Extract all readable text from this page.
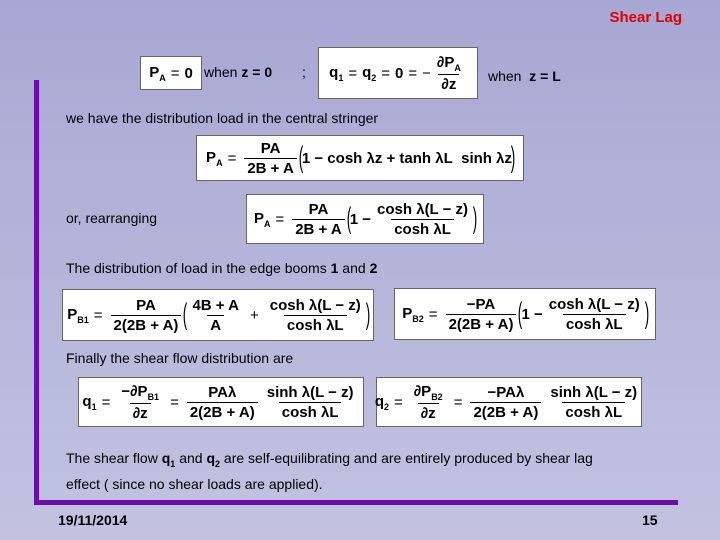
Shear Lag
$P_A = 0$ when z = 0 ; $q_1 = q_2 = 0$ = − $\frac{\partial P_A}{\partial z}$ when z = L
we have the distribution load in the central stringer
$P_A = \frac{PA}{2B + A}$ (
1 − cosh λz + tanh λL  sinh λz
)
or, rearranging	$P_A = \frac{PA}{2B + A}$ (
$1 - \frac{\text{cosh λ(L − z)}}{\text{cosh λL}}$ )
The distribution of load in the edge booms 1 and 2
$P_{B1} = \frac{PA}{2(2B + A)}$ ( 4B + A
A
+ $\frac{\text{cosh λ(L − z)}}{\text{cosh λL}}$ ) $P_{B2} = \frac{-PA}{2(2B + A)}$ (
$1 - \frac{\text{cosh λ(L − z)}}{\text{cosh λL}}$ )
Finally the shear flow distribution are
$q_1 = \frac{-\partial P_{B1}}{\partial z}$ =
PAλ
2(2B + A)
sinh λ(L − z)
cosh λL
$q_2 = \frac{\partial P_{B2}}{\partial z}$ =
−PAλ
2(2B + A)
sinh λ(L − z)
cosh λL
The shear flow $q_1$ and $q_2$ are self-equilibrating and are entirely produced by shear lag
effect ( since no shear loads are applied).
19/11/2014	15
